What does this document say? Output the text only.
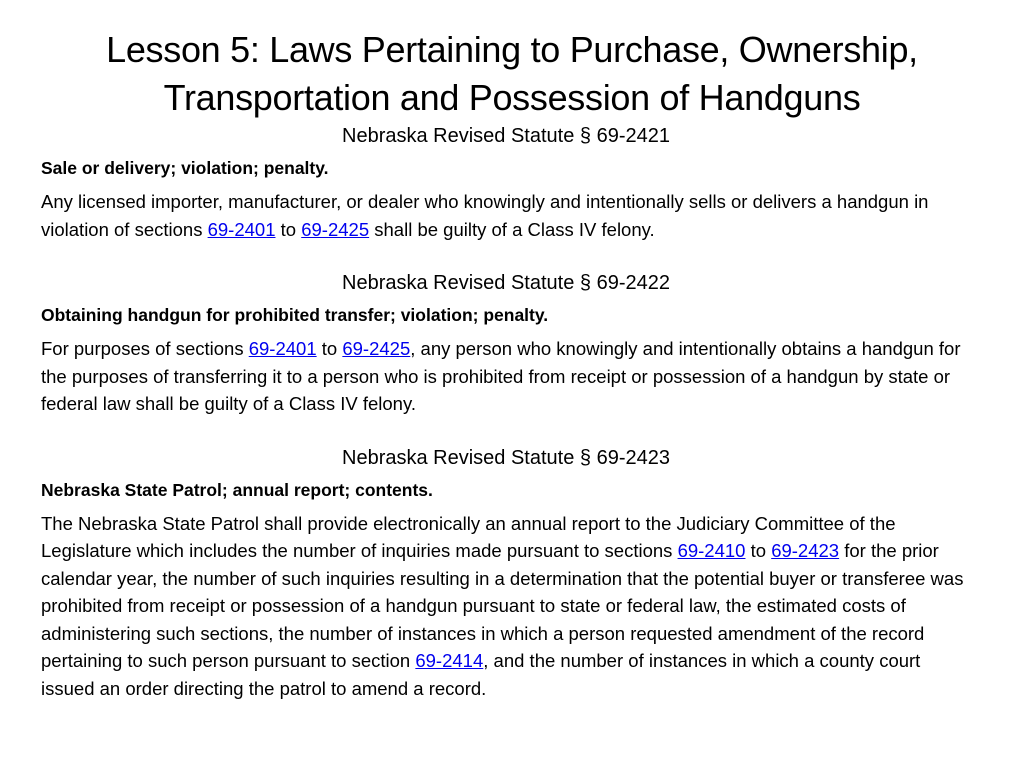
Lesson 5: Laws Pertaining to Purchase, Ownership,
Transportation and Possession of Handguns

Nebraska Revised Statute § 69-2421

Sale or delivery; violation; penalty.

Any licensed importer, manufacturer, or dealer who knowingly and intentionally sells or delivers a handgun in violation of sections 69-2401 to 69-2425 shall be guilty of a Class IV felony.

Nebraska Revised Statute § 69-2422

Obtaining handgun for prohibited transfer; violation; penalty.

For purposes of sections 69-2401 to 69-2425, any person who knowingly and intentionally obtains a handgun for the purposes of transferring it to a person who is prohibited from receipt or possession of a handgun by state or federal law shall be guilty of a Class IV felony.

Nebraska Revised Statute § 69-2423

Nebraska State Patrol; annual report; contents.

The Nebraska State Patrol shall provide electronically an annual report to the Judiciary Committee of the Legislature which includes the number of inquiries made pursuant to sections 69-2410 to 69-2423 for the prior calendar year, the number of such inquiries resulting in a determination that the potential buyer or transferee was prohibited from receipt or possession of a handgun pursuant to state or federal law, the estimated costs of administering such sections, the number of instances in which a person requested amendment of the record pertaining to such person pursuant to section 69-2414, and the number of instances in which a county court issued an order directing the patrol to amend a record.
